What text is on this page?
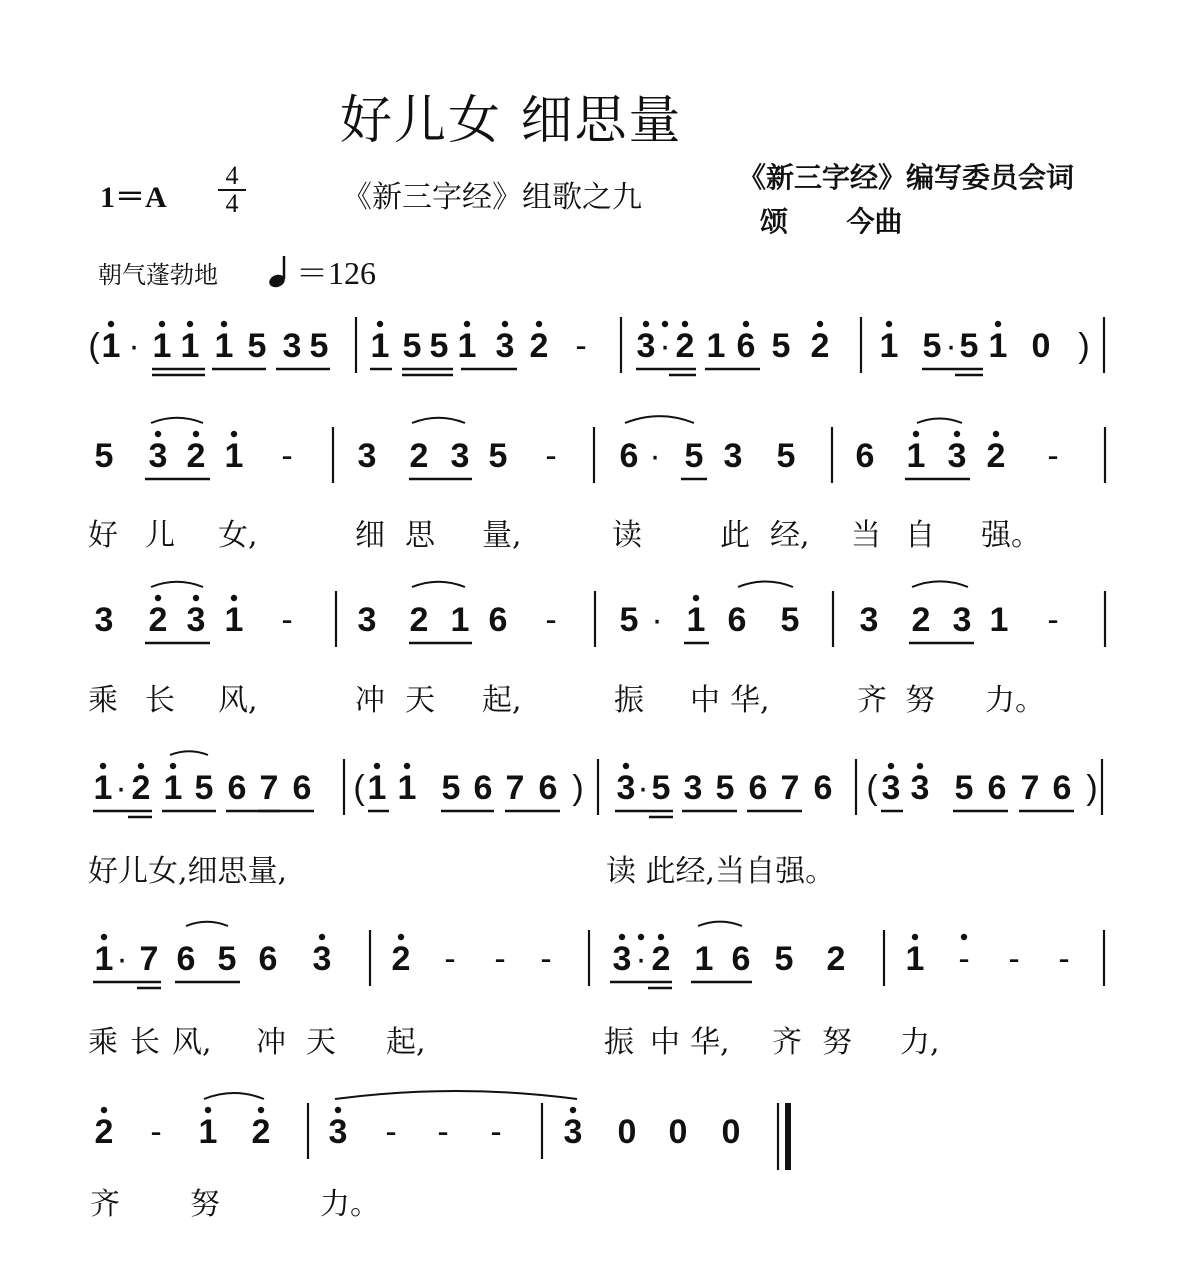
好儿女 细思量
1＝A
4
4	《新三字经》组歌之九
《新三字经》编写委员会词
颂      今曲
朝气蓬勃地	＝126
( 1 · 1 1 1 5 3 5 1 5 5 1 3 2 - 3 · 2 1 6 5 2 1 5 · 5 1 0 )
5 3 2 1 - 3 2 3 5 - 6 · 5 3 5 6 1 3 2 -
3 2 3 1 - 3 2 1 6 - 5 · 1 6 5 3 2 3 1 -
1 · 2 1 5 6 7 6 ( 1 1 5 6 7 6 ) 3 · 5 3 5 6 7 6 ( 3 3 5 6 7 6 )
1 · 7 6 5 6 3 2 - - - 3 · 2 1 6 5 2 1 - - -
2 - 1 2 3 - - - 3 0 0 0
好 儿 女,	细 思 量,	读	此 经, 当 自 强。
乘 长 风,	冲 天 起,	振 中 华,	齐 努 力。
好儿女,细思量,	读 此经,当自强。
乘 长 风, 冲 天 起,	振 中 华, 齐 努 力,
齐 努	力。
